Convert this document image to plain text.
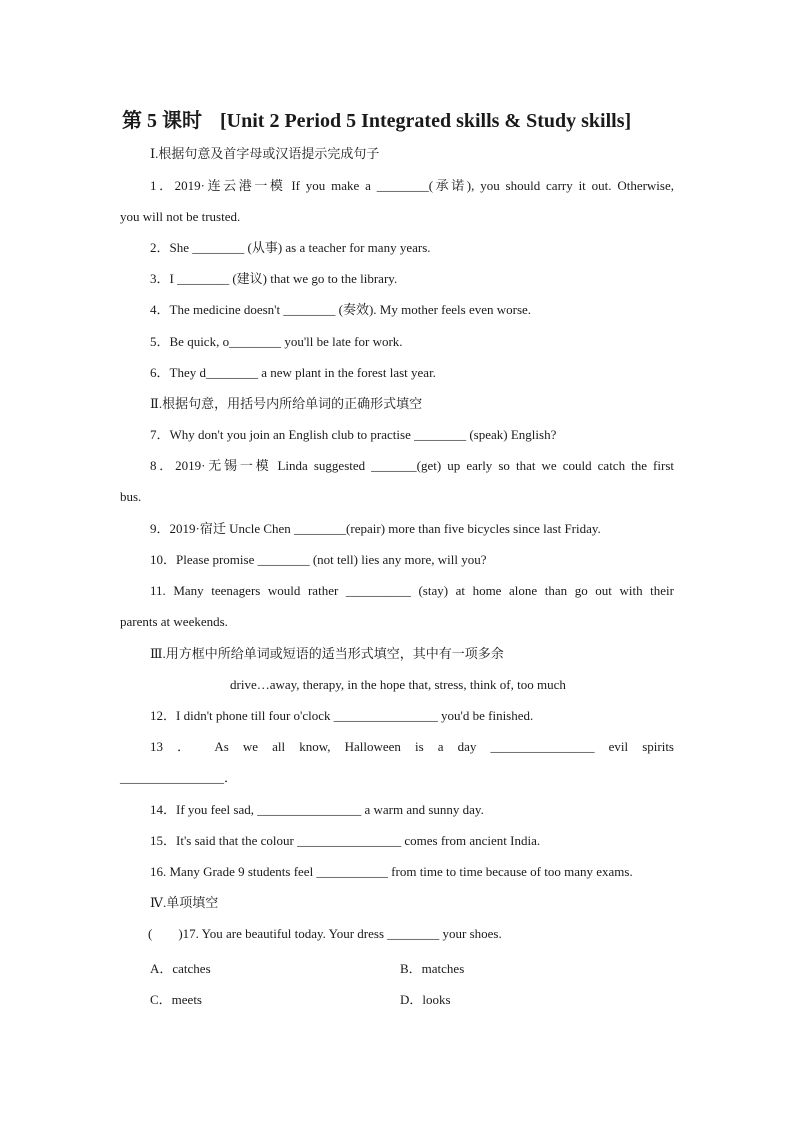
第 5 课时 [Unit 2 Period 5 Integrated skills & Study skills]
Ⅰ.根据句意及首字母或汉语提示完成句子
1．2019·连云港一模 If you make a ________(承诺), you should carry it out. Otherwise,
you will not be trusted.
2．She ________ (从事) as a teacher for many years.
3．I ________ (建议) that we go to the library.
4．The medicine doesn't ________ (奏效). My mother feels even worse.
5．Be quick, o________ you'll be late for work.
6．They d________ a new plant in the forest last year.
Ⅱ.根据句意，用括号内所给单词的正确形式填空
7．Why don't you join an English club to practise ________ (speak) English?
8．2019·无锡一模 Linda suggested _______(get) up early so that we could catch the first
bus.
9．2019·宿迁 Uncle Chen ________(repair) more than five bicycles since last Friday.
10．Please promise ________ (not tell) lies any more, will you?
11. Many teenagers would rather __________ (stay) at home alone than go out with their
parents at weekends.
Ⅲ.用方框中所给单词或短语的适当形式填空，其中有一项多余
drive…away, therapy, in the hope that, stress, think of, too much
12．I didn't phone till four o'clock ________________ you'd be finished.
13 ． As we all know, Halloween is a day ________________ evil spirits
________________．
14．If you feel sad, ________________ a warm and sunny day.
15．It's said that the colour ________________ comes from ancient India.
16. Many Grade 9 students feel ___________ from time to time because of too many exams.
Ⅳ.单项填空
(　　)17. You are beautiful today. Your dress ________ your shoes.
A．catches	B．matches
C．meets	D．looks
